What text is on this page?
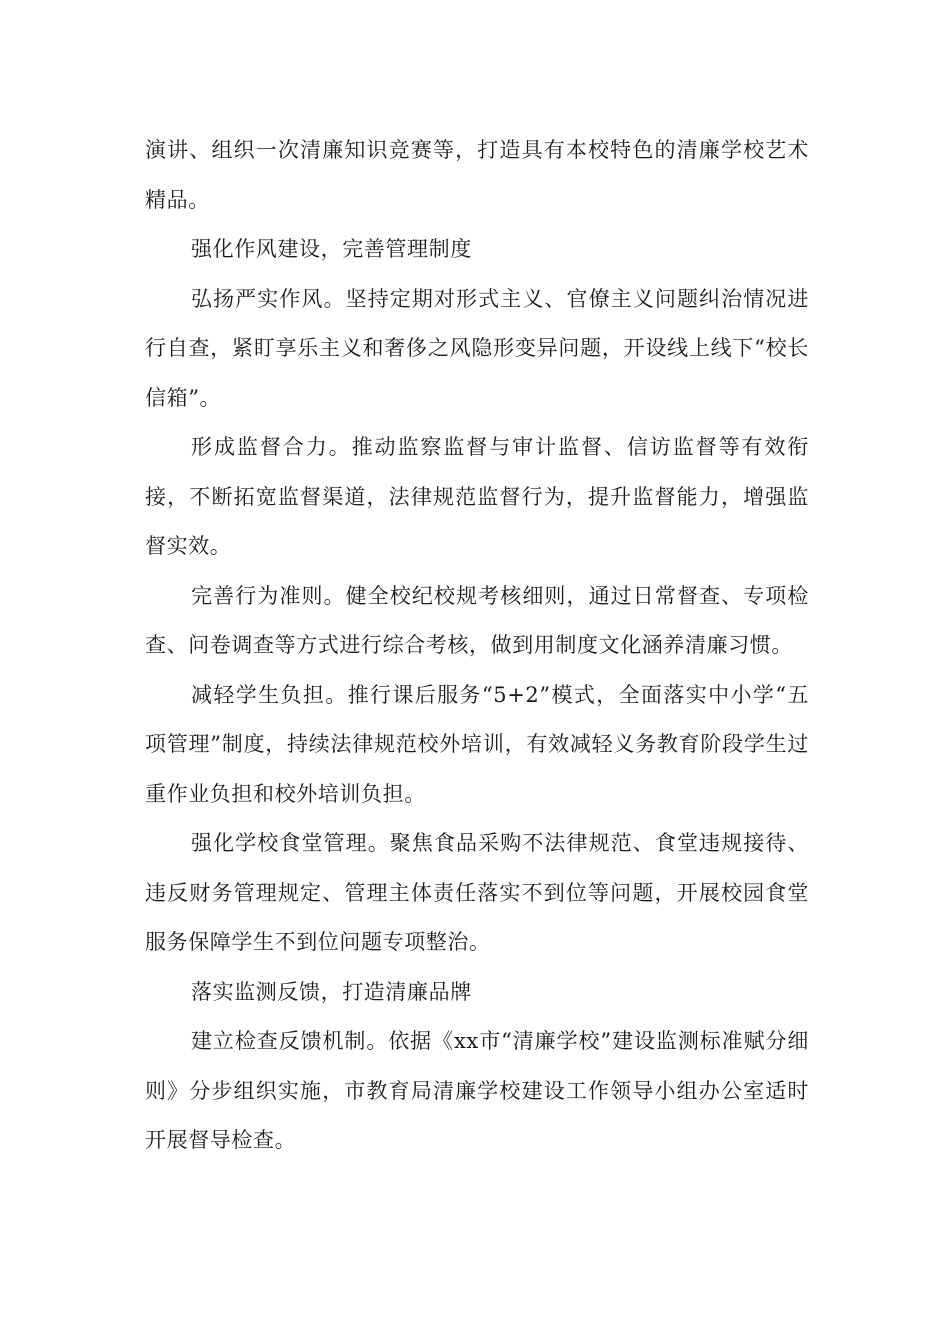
演讲、组织一次清廉知识竞赛等，打造具有本校特色的清廉学校艺术精品。

强化作风建设，完善管理制度

弘扬严实作风。坚持定期对形式主义、官僚主义问题纠治情况进行自查，紧盯享乐主义和奢侈之风隐形变异问题，开设线上线下“校长信箱”。

形成监督合力。推动监察监督与审计监督、信访监督等有效衔接，不断拓宽监督渠道，法律规范监督行为，提升监督能力，增强监督实效。

完善行为准则。健全校纪校规考核细则，通过日常督查、专项检查、问卷调查等方式进行综合考核，做到用制度文化涵养清廉习惯。

减轻学生负担。推行课后服务“5+2”模式，全面落实中小学“五项管理”制度，持续法律规范校外培训，有效减轻义务教育阶段学生过重作业负担和校外培训负担。

强化学校食堂管理。聚焦食品采购不法律规范、食堂违规接待、违反财务管理规定、管理主体责任落实不到位等问题，开展校园食堂服务保障学生不到位问题专项整治。

落实监测反馈，打造清廉品牌

建立检查反馈机制。依据《xx市“清廉学校”建设监测标准赋分细则》分步组织实施，市教育局清廉学校建设工作领导小组办公室适时开展督导检查。
